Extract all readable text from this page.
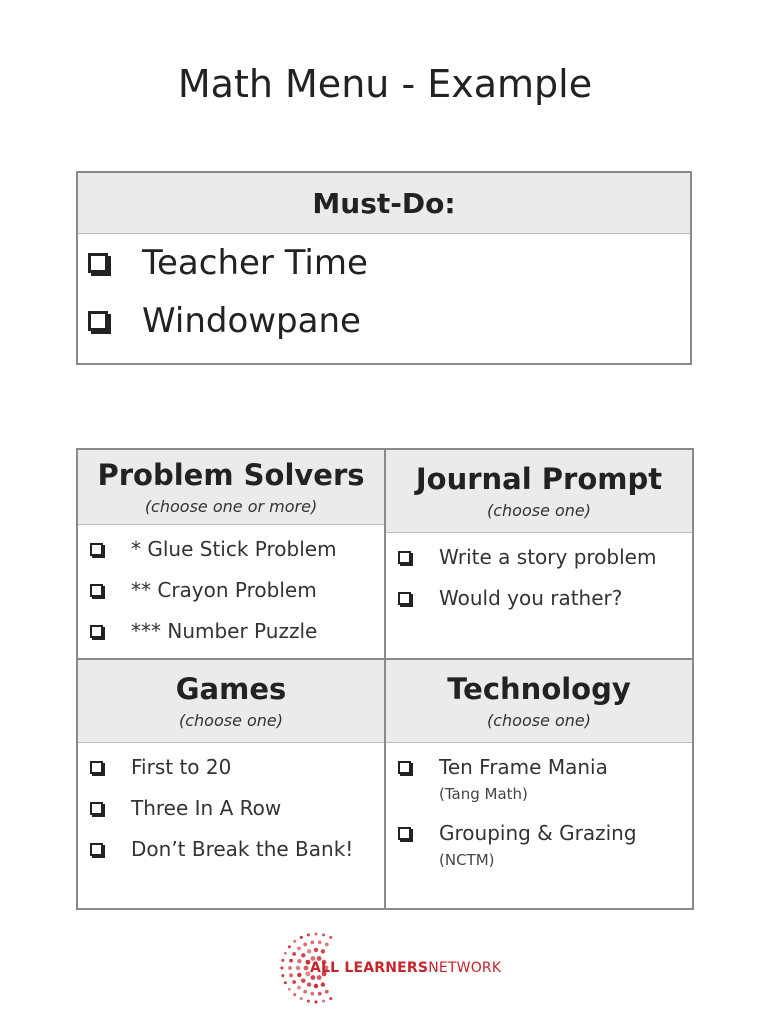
Math Menu - Example
Must-Do:
Teacher Time
Windowpane
Problem Solvers
(choose one or more)
* Glue Stick Problem
** Crayon Problem
*** Number Puzzle
Journal Prompt
(choose one)
Write a story problem
Would you rather?
Games
(choose one)
First to 20
Three In A Row
Don’t Break the Bank!
Technology
(choose one)
Ten Frame Mania
(Tang Math)
Grouping & Grazing
(NCTM)
ALL LEARNERSNETWORK
